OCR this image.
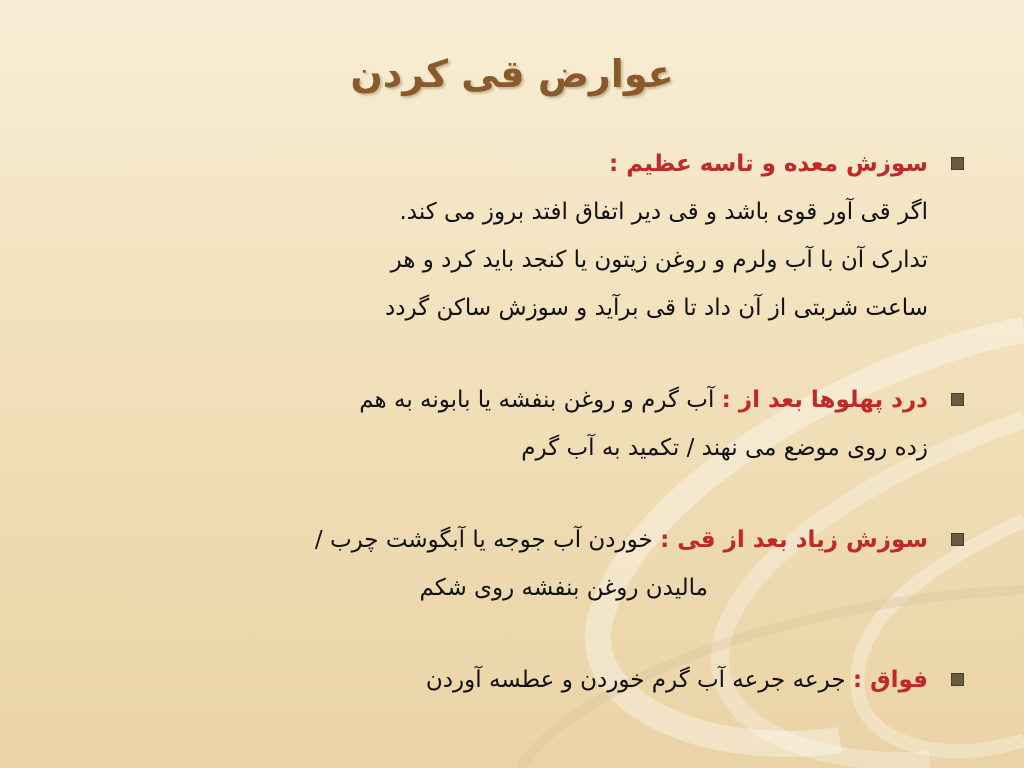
عوارض قی کردن
سوزش معده و تاسه عظیم :
اگر قی آور قوی باشد و قی دیر اتفاق افتد بروز می کند.
تدارک آن با آب ولرم و روغن زیتون یا کنجد باید کرد و هر
ساعت شربتی از آن داد تا قی برآید و سوزش ساکن گردد
درد پهلوها بعد از : آب گرم و روغن بنفشه یا بابونه به هم
زده روی موضع می نهند / تکمید به آب گرم
سوزش زیاد بعد از قی : خوردن آب جوجه یا آبگوشت چرب /
مالیدن روغن بنفشه روی شکم
فواق : جرعه جرعه آب گرم خوردن و عطسه آوردن
